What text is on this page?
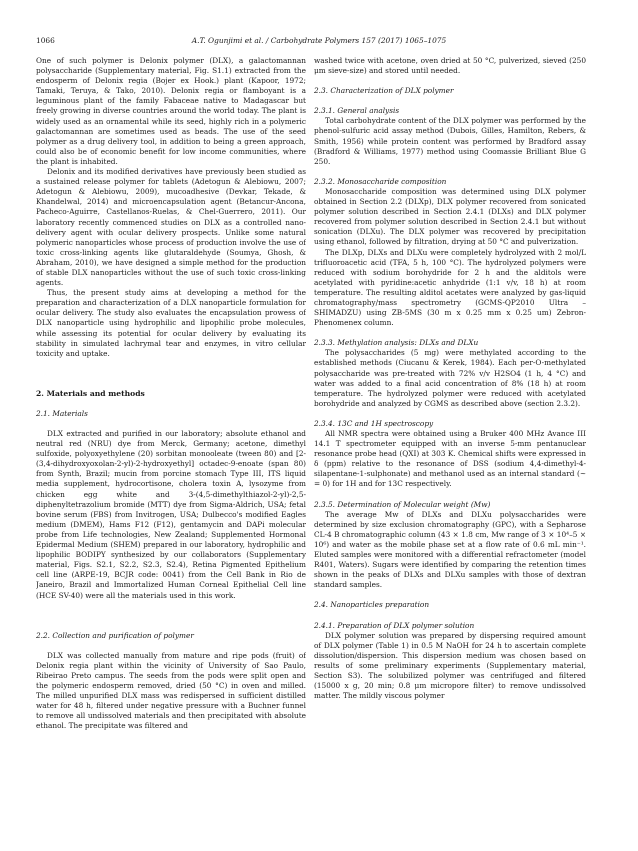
1066	A.T. Ogunjimi et al. / Carbohydrate Polymers 157 (2017) 1065–1075

One of such polymer is Delonix polymer (DLX), a galactomannan polysaccharide (Supplementary material, Fig. S1.1) extracted from the endosperm of Delonix regia (Bojer ex Hook.) plant (Kapoor, 1972; Tamaki, Teruya, & Tako, 2010). Delonix regia or flamboyant is a leguminous plant of the family Fabaceae native to Madagascar but freely growing in diverse countries around the world today. The plant is widely used as an ornamental while its seed, highly rich in a polymeric galactomannan are sometimes used as beads. The use of the seed polymer as a drug delivery tool, in addition to being a green approach, could also be of economic benefit for low income communities, where the plant is inhabited.

Delonix and its modified derivatives have previously been studied as a sustained release polymer for tablets (Adetogun & Alebiowu, 2007; Adetogun & Alebiowu, 2009), mucoadhesive (Devkar, Tekade, & Khandelwal, 2014) and microencapsulation agent (Betancur-Ancona, Pacheco-Aguirre, Castellanos-Ruelas, & Chel-Guerrero, 2011). Our laboratory recently commenced studies on DLX as a controlled nano-delivery agent with ocular delivery prospects. Unlike some natural polymeric nanoparticles whose process of production involve the use of toxic cross-linking agents like glutaraldehyde (Soumya, Ghosh, & Abraham, 2010), we have designed a simple method for the production of stable DLX nanoparticles without the use of such toxic cross-linking agents.

Thus, the present study aims at developing a method for the preparation and characterization of a DLX nanoparticle formulation for ocular delivery. The study also evaluates the encapsulation prowess of DLX nanoparticle using hydrophilic and lipophilic probe molecules, while assessing its potential for ocular delivery by evaluating its stability in simulated lachrymal tear and enzymes, in vitro cellular toxicity and uptake.

2. Materials and methods

2.1. Materials

DLX extracted and purified in our laboratory; absolute ethanol and neutral red (NRU) dye from Merck, Germany; acetone, dimethyl sulfoxide, polyoxyethylene (20) sorbitan monooleate (tween 80) and [2-(3,4-dihydroxyoxolan-2-yl)-2-hydroxyethyl] octadec-9-enoate (span 80) from Synth, Brazil; mucin from porcine stomach Type III, ITS liquid media supplement, hydrocortisone, cholera toxin A, lysozyme from chicken egg white and 3-(4,5-dimethylthiazol-2-yl)-2,5-diphenyltetrazolium bromide (MTT) dye from Sigma-Aldrich, USA; fetal bovine serum (FBS) from Invitrogen, USA; Dulbecco's modified Eagles medium (DMEM), Hams F12 (F12), gentamycin and DAPi molecular probe from Life technologies, New Zealand; Supplemented Hormonal Epidermal Medium (SHEM) prepared in our laboratory, hydrophilic and lipophilic BODIPY synthesized by our collaborators (Supplementary material, Figs. S2.1, S2.2, S2.3, S2.4), Retina Pigmented Epithelium cell line (ARPE-19, BCJR code: 0041) from the Cell Bank in Rio de Janeiro, Brazil and Immortalized Human Corneal Epithelial Cell line (HCE SV-40) were all the materials used in this work.

2.2. Collection and purification of polymer

DLX was collected manually from mature and ripe pods (fruit) of Delonix regia plant within the vicinity of University of Sao Paulo, Ribeirao Preto campus. The seeds from the pods were split open and the polymeric endosperm removed, dried (50 °C) in oven and milled. The milled unpurified DLX mass was redispersed in sufficient distilled water for 48 h, filtered under negative pressure with a Buchner funnel to remove all undissolved materials and then precipitated with absolute ethanol. The precipitate was filtered and

washed twice with acetone, oven dried at 50 °C, pulverized, sieved (250 μm sieve-size) and stored until needed.

2.3. Characterization of DLX polymer

2.3.1. General analysis

Total carbohydrate content of the DLX polymer was performed by the phenol-sulfuric acid assay method (Dubois, Gilles, Hamilton, Rebers, & Smith, 1956) while protein content was performed by Bradford assay (Bradford & Williams, 1977) method using Coomassie Brilliant Blue G 250.

2.3.2. Monosaccharide composition

Monosaccharide composition was determined using DLX polymer obtained in Section 2.2 (DLXp), DLX polymer recovered from sonicated polymer solution described in Section 2.4.1 (DLXs) and DLX polymer recovered from polymer solution described in Section 2.4.1 but without sonication (DLXu). The DLX polymer was recovered by precipitation using ethanol, followed by filtration, drying at 50 °C and pulverization.

The DLXp, DLXs and DLXu were completely hydrolyzed with 2 mol/L trifluoroacetic acid (TFA, 5 h, 100 °C). The hydrolyzed polymers were reduced with sodium borohydride for 2 h and the alditols were acetylated with pyridine:acetic anhydride (1:1 v/v, 18 h) at room temperature. The resulting alditol acetates were analyzed by gas-liquid chromatography/mass spectrometry (GCMS-QP2010 Ultra – SHIMADZU) using ZB-5MS (30 m x 0.25 mm x 0.25 um) Zebron-Phenomenex column.

2.3.3. Methylation analysis: DLXs and DLXu

The polysaccharides (5 mg) were methylated according to the established methods (Ciucanu & Kerek, 1984). Each per-O-methylated polysaccharide was pre-treated with 72% v/v H2SO4 (1 h, 4 °C) and water was added to a final acid concentration of 8% (18 h) at room temperature. The hydrolyzed polymer were reduced with acetylated borohydride and analyzed by CGMS as described above (section 2.3.2).

2.3.4. 13C and 1H spectroscopy

All NMR spectra were obtained using a Bruker 400 MHz Avance III 14.1 T spectrometer equipped with an inverse 5-mm pentanuclear resonance probe head (QXI) at 303 K. Chemical shifts were expressed in δ (ppm) relative to the resonance of DSS (sodium 4,4-dimethyl-4-silapentane-1-sulphonate) and methanol used as an internal standard (~ = 0) for 1H and for 13C respectively.

2.3.5. Determination of Molecular weight (Mw)

The average Mw of DLXs and DLXu polysaccharides were determined by size exclusion chromatography (GPC), with a Sepharose CL-4 B chromatographic column (43 × 1.8 cm, Mw range of 3 × 10⁴–5 × 10⁶) and water as the mobile phase set at a flow rate of 0.6 mL min⁻¹. Eluted samples were monitored with a differential refractometer (model R401, Waters). Sugars were identified by comparing the retention times shown in the peaks of DLXs and DLXu samples with those of dextran standard samples.

2.4. Nanoparticles preparation

2.4.1. Preparation of DLX polymer solution

DLX polymer solution was prepared by dispersing required amount of DLX polymer (Table 1) in 0.5 M NaOH for 24 h to ascertain complete dissolution/dispersion. This dispersion medium was chosen based on results of some preliminary experiments (Supplementary material, Section S3). The solubilized polymer was centrifuged and filtered (15000 x g, 20 min; 0.8 μm micropore filter) to remove undissolved matter. The mildly viscous polymer
